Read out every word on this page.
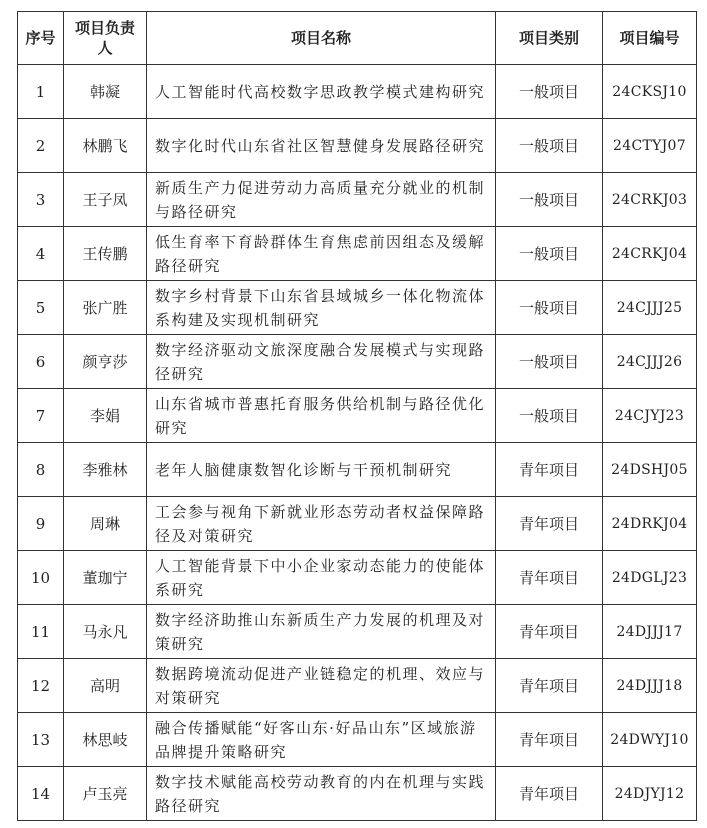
序号	项目负责人	项目名称	项目类别	项目编号
1	韩凝	人工智能时代高校数字思政教学模式建构研究	一般项目	24CKSJ10
2	林鹏飞	数字化时代山东省社区智慧健身发展路径研究	一般项目	24CTYJ07
3	王子凤	新质生产力促进劳动力高质量充分就业的机制与路径研究	一般项目	24CRKJ03
4	王传鹏	低生育率下育龄群体生育焦虑前因组态及缓解路径研究	一般项目	24CRKJ04
5	张广胜	数字乡村背景下山东省县域城乡一体化物流体系构建及实现机制研究	一般项目	24CJJJ25
6	颜亨莎	数字经济驱动文旅深度融合发展模式与实现路径研究	一般项目	24CJJJ26
7	李娟	山东省城市普惠托育服务供给机制与路径优化研究	一般项目	24CJYJ23
8	李雅林	老年人脑健康数智化诊断与干预机制研究	青年项目	24DSHJ05
9	周琳	工会参与视角下新就业形态劳动者权益保障路径及对策研究	青年项目	24DRKJ04
10	董珈宁	人工智能背景下中小企业家动态能力的使能体系研究	青年项目	24DGLJ23
11	马永凡	数字经济助推山东新质生产力发展的机理及对策研究	青年项目	24DJJJ17
12	高明	数据跨境流动促进产业链稳定的机理、效应与对策研究	青年项目	24DJJJ18
13	林思岐	融合传播赋能“好客山东·好品山东”区域旅游品牌提升策略研究	青年项目	24DWYJ10
14	卢玉亮	数字技术赋能高校劳动教育的内在机理与实践路径研究	青年项目	24DJYJ12
